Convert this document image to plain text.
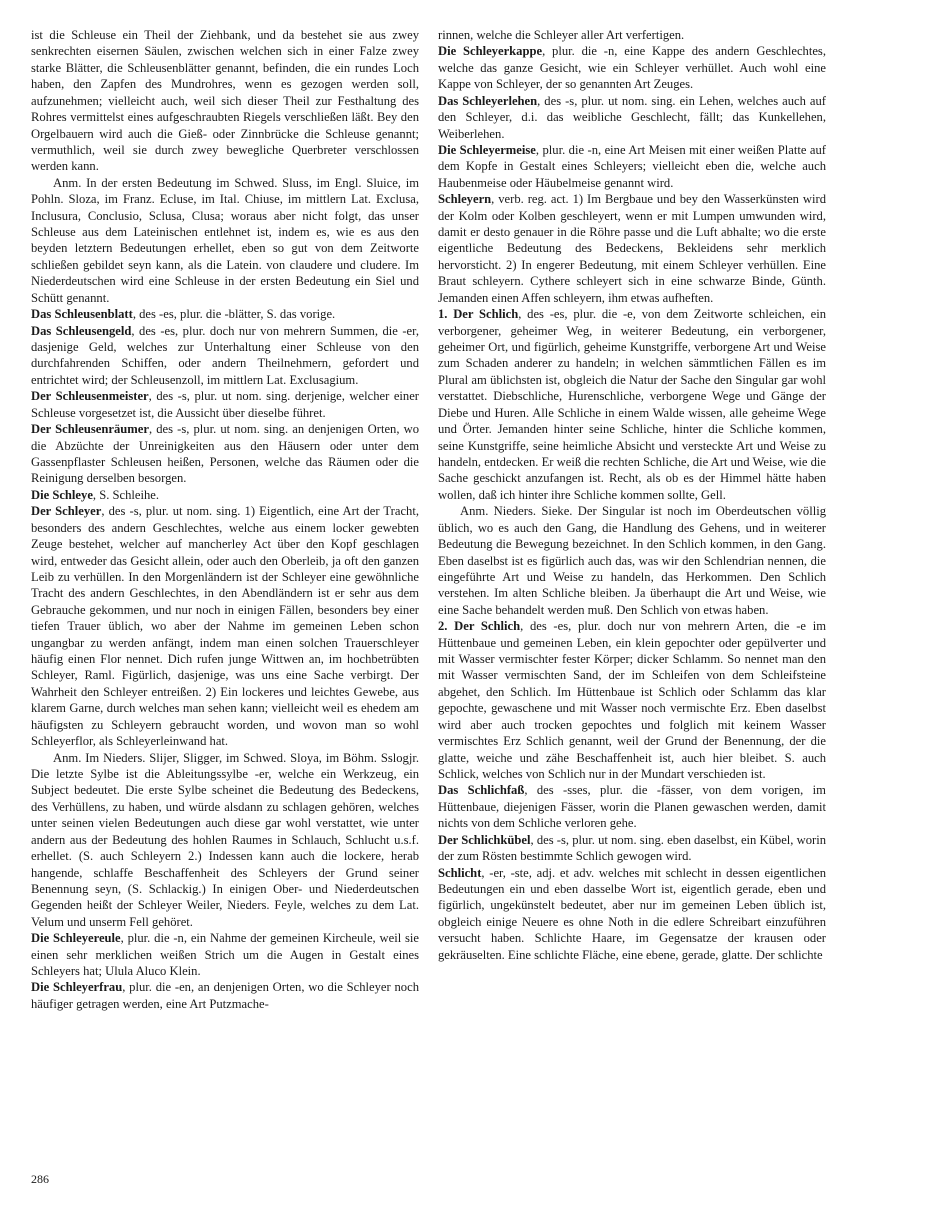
ist die Schleuse ein Theil der Ziehbank, und da bestehet sie aus zwey senkrechten eisernen Säulen, zwischen welchen sich in einer Falze zwey starke Blätter, die Schleusenblätter genannt, befinden, die ein rundes Loch haben, den Zapfen des Mundrohres, wenn es gezogen werden soll, aufzunehmen; vielleicht auch, weil sich dieser Theil zur Festhaltung des Rohres vermittelst eines aufgeschraubten Riegels verschließen läßt. Bey den Orgelbauern wird auch die Gieß- oder Zinnbrücke die Schleuse genannt; vermuthlich, weil sie durch zwey bewegliche Querbreter verschlossen werden kann.

Anm. In der ersten Bedeutung im Schwed. Sluss, im Engl. Sluice, im Pohln. Sloza, im Franz. Ecluse, im Ital. Chiuse, im mittlern Lat. Exclusa, Inclusura, Conclusio, Sclusa, Clusa; woraus aber nicht folgt, das unser Schleuse aus dem Lateinischen entlehnet ist, indem es, wie es aus den beyden letztern Bedeutungen erhellet, eben so gut von dem Zeitworte schließen gebildet seyn kann, als die Latein. von claudere und cludere. Im Niederdeutschen wird eine Schleuse in der ersten Bedeutung ein Siel und Schütt genannt.

Das Schleusenblatt, des -es, plur. die -blätter, S. das vorige.

Das Schleusengeld, des -es, plur. doch nur von mehrern Summen, die -er, dasjenige Geld, welches zur Unterhaltung einer Schleuse von den durchfahrenden Schiffen, oder andern Theilnehmern, gefordert und entrichtet wird; der Schleusenzoll, im mittlern Lat. Exclusagium.

Der Schleusenmeister, des -s, plur. ut nom. sing. derjenige, welcher einer Schleuse vorgesetzet ist, die Aussicht über dieselbe führet.

Der Schleusenräumer, des -s, plur. ut nom. sing. an denjenigen Orten, wo die Abzüchte der Unreinigkeiten aus den Häusern oder unter dem Gassenpflaster Schleusen heißen, Personen, welche das Räumen oder die Reinigung derselben besorgen.

Die Schleye, S. Schleihe.

Der Schleyer, des -s, plur. ut nom. sing. 1) Eigentlich, eine Art der Tracht, besonders des andern Geschlechtes, welche aus einem locker gewebten Zeuge bestehet, welcher auf mancherley Act über den Kopf geschlagen wird, entweder das Gesicht allein, oder auch den Oberleib, ja oft den ganzen Leib zu verhüllen. In den Morgenländern ist der Schleyer eine gewöhnliche Tracht des andern Geschlechtes, in den Abendländern ist er sehr aus dem Gebrauche gekommen, und nur noch in einigen Fällen, besonders bey einer tiefen Trauer üblich, wo aber der Nahme im gemeinen Leben schon ungangbar zu werden anfängt, indem man einen solchen Trauerschleyer häufig einen Flor nennet. Dich rufen junge Wittwen an, im hochbetrübten Schleyer, Raml. Figürlich, dasjenige, was uns eine Sache verbirgt. Der Wahrheit den Schleyer entreißen. 2) Ein lockeres und leichtes Gewebe, aus klarem Garne, durch welches man sehen kann; vielleicht weil es ehedem am häufigsten zu Schleyern gebraucht worden, und wovon man so wohl Schleyerflor, als Schleyerleinwand hat.

Anm. Im Nieders. Slijer, Sligger, im Schwed. Sloya, im Böhm. Sslogjr. Die letzte Sylbe ist die Ableitungssylbe -er, welche ein Werkzeug, ein Subject bedeutet. Die erste Sylbe scheinet die Bedeutung des Bedeckens, des Verhüllens, zu haben, und würde alsdann zu schlagen gehören, welches unter seinen vielen Bedeutungen auch diese gar wohl verstattet, wie unter andern aus der Bedeutung des hohlen Raumes in Schlauch, Schlucht u.s.f. erhellet. (S. auch Schleyern 2.) Indessen kann auch die lockere, herab hangende, schlaffe Beschaffenheit des Schleyers der Grund seiner Benennung seyn, (S. Schlackig.) In einigen Ober- und Niederdeutschen Gegenden heißt der Schleyer Weiler, Nieders. Feyle, welches zu dem Lat. Velum und unserm Fell gehöret.

Die Schleyereule, plur. die -n, ein Nahme der gemeinen Kircheule, weil sie einen sehr merklichen weißen Strich um die Augen in Gestalt eines Schleyers hat; Ulula Aluco Klein.

Die Schleyerfrau, plur. die -en, an denjenigen Orten, wo die Schleyer noch häufiger getragen werden, eine Art Putzmache-

rinnen, welche die Schleyer aller Art verfertigen.

Die Schleyerkappe, plur. die -n, eine Kappe des andern Geschlechtes, welche das ganze Gesicht, wie ein Schleyer verhüllet. Auch wohl eine Kappe von Schleyer, der so genannten Art Zeuges.

Das Schleyerlehen, des -s, plur. ut nom. sing. ein Lehen, welches auch auf den Schleyer, d.i. das weibliche Geschlecht, fällt; das Kunkellehen, Weiberlehen.

Die Schleyermeise, plur. die -n, eine Art Meisen mit einer weißen Platte auf dem Kopfe in Gestalt eines Schleyers; vielleicht eben die, welche auch Haubenmeise oder Häubelmeise genannt wird.

Schleyern, verb. reg. act. 1) Im Bergbaue und bey den Wasserkünsten wird der Kolm oder Kolben geschleyert, wenn er mit Lumpen umwunden wird, damit er desto genauer in die Röhre passe und die Luft abhalte; wo die erste eigentliche Bedeutung des Bedeckens, Bekleidens sehr merklich hervorsticht. 2) In engerer Bedeutung, mit einem Schleyer verhüllen. Eine Braut schleyern. Cythere schleyert sich in eine schwarze Binde, Günth. Jemanden einen Affen schleyern, ihm etwas aufheften.

1. Der Schlich, des -es, plur. die -e, von dem Zeitworte schleichen, ein verborgener, geheimer Weg, in weiterer Bedeutung, ein verborgener, geheimer Ort, und figürlich, geheime Kunstgriffe, verborgene Art und Weise zum Schaden anderer zu handeln; in welchen sämmtlichen Fällen es im Plural am üblichsten ist, obgleich die Natur der Sache den Singular gar wohl verstattet. Diebschliche, Hurenschliche, verborgene Wege und Gänge der Diebe und Huren. Alle Schliche in einem Walde wissen, alle geheime Wege und Örter. Jemanden hinter seine Schliche, hinter die Schliche kommen, seine Kunstgriffe, seine heimliche Absicht und versteckte Art und Weise zu handeln, entdecken. Er weiß die rechten Schliche, die Art und Weise, wie die Sache geschickt anzufangen ist. Recht, als ob es der Himmel hätte haben wollen, daß ich hinter ihre Schliche kommen sollte, Gell.

Anm. Nieders. Sieke. Der Singular ist noch im Oberdeutschen völlig üblich, wo es auch den Gang, die Handlung des Gehens, und in weiterer Bedeutung die Bewegung bezeichnet. In den Schlich kommen, in den Gang. Eben daselbst ist es figürlich auch das, was wir den Schlendrian nennen, die eingeführte Art und Weise zu handeln, das Herkommen. Den Schlich verstehen. Im alten Schliche bleiben. Ja überhaupt die Art und Weise, wie eine Sache behandelt werden muß. Den Schlich von etwas haben.

2. Der Schlich, des -es, plur. doch nur von mehrern Arten, die -e im Hüttenbaue und gemeinen Leben, ein klein gepochter oder gepülverter und mit Wasser vermischter fester Körper; dicker Schlamm. So nennet man den mit Wasser vermischten Sand, der im Schleifen von dem Schleifsteine abgehet, den Schlich. Im Hüttenbaue ist Schlich oder Schlamm das klar gepochte, gewaschene und mit Wasser noch vermischte Erz. Eben daselbst wird aber auch trocken gepochtes und folglich mit keinem Wasser vermischtes Erz Schlich genannt, weil der Grund der Benennung, der die glatte, weiche und zähe Beschaffenheit ist, auch hier bleibet. S. auch Schlick, welches von Schlich nur in der Mundart verschieden ist.

Das Schlichfaß, des -sses, plur. die -fässer, von dem vorigen, im Hüttenbaue, diejenigen Fässer, worin die Planen gewaschen werden, damit nichts von dem Schliche verloren gehe.

Der Schlichkübel, des -s, plur. ut nom. sing. eben daselbst, ein Kübel, worin der zum Rösten bestimmte Schlich gewogen wird.

Schlicht, -er, -ste, adj. et adv. welches mit schlecht in dessen eigentlichen Bedeutungen ein und eben dasselbe Wort ist, eigentlich gerade, eben und figürlich, ungekünstelt bedeutet, aber nur im gemeinen Leben üblich ist, obgleich einige Neuere es ohne Noth in die edlere Schreibart einzuführen versucht haben. Schlichte Haare, im Gegensatze der krausen oder gekräuselten. Eine schlichte Fläche, eine ebene, gerade, glatte. Der schlichte

286
